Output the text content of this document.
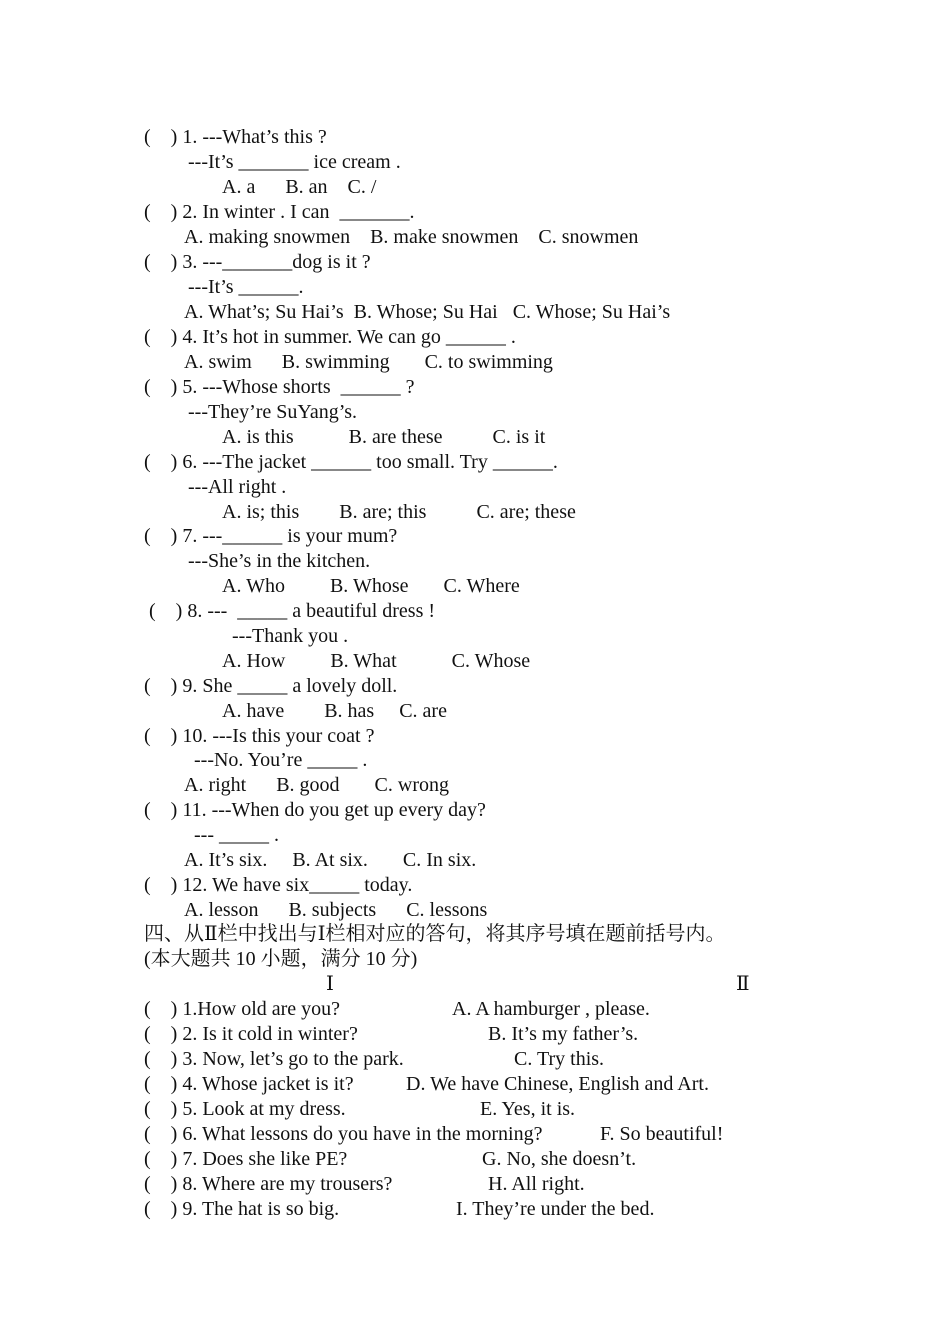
(    ) 1. ---What’s this ?
---It’s _______ ice cream .
A. a      B. an    C. /
(    ) 2. In winter . I can  _______.
A. making snowmen    B. make snowmen    C. snowmen
(    ) 3. ---_______dog is it ?
---It’s ______.
A. What’s; Su Hai’s  B. Whose; Su Hai   C. Whose; Su Hai’s
(    ) 4. It’s hot in summer. We can go ______ .
A. swim      B. swimming       C. to swimming
(    ) 5. ---Whose shorts  ______ ?
---They’re SuYang’s.
A. is this           B. are these          C. is it
(    ) 6. ---The jacket ______ too small. Try ______.
---All right .
A. is; this        B. are; this          C. are; these
(    ) 7. ---______ is your mum?
---She’s in the kitchen.
A. Who         B. Whose       C. Where
(    ) 8. ---  _____ a beautiful dress !
---Thank you .
A. How         B. What           C. Whose
(    ) 9. She _____ a lovely doll.
A. have        B. has     C. are
(    ) 10. ---Is this your coat ?
---No. You’re _____ .
A. right      B. good       C. wrong
(    ) 11. ---When do you get up every day?
--- _____ .
A. It’s six.     B. At six.       C. In six.
(    ) 12. We have six_____ today.
A. lesson      B. subjects      C. lessons
四、从Ⅱ栏中找出与Ⅰ栏相对应的答句，将其序号填在题前括号内。
(本大题共 10 小题，满分 10 分)
Ⅰ	Ⅱ
(    ) 1.How old are you?	A. A hamburger , please.
(    ) 2. Is it cold in winter?	B. It’s my father’s.
(    ) 3. Now, let’s go to the park.	C. Try this.
(    ) 4. Whose jacket is it?	D. We have Chinese, English and Art.
(    ) 5. Look at my dress.	E. Yes, it is.
(    ) 6. What lessons do you have in the morning?	F. So beautiful!
(    ) 7. Does she like PE?	G. No, she doesn’t.
(    ) 8. Where are my trousers?	H. All right.
(    ) 9. The hat is so big.	I. They’re under the bed.
